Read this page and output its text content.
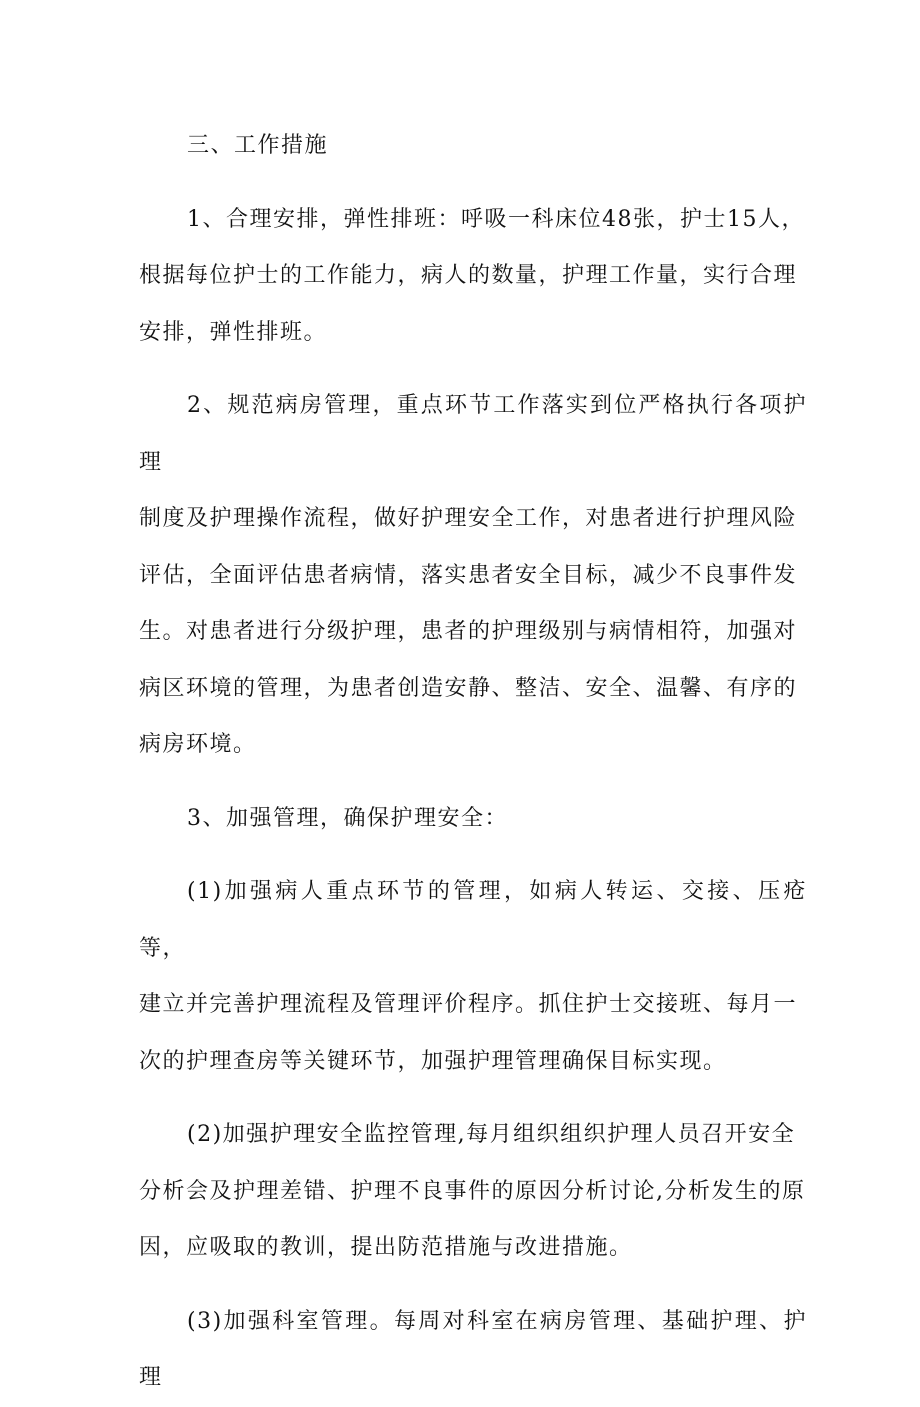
三、工作措施

1、合理安排，弹性排班：呼吸一科床位48张，护士15人，
根据每位护士的工作能力，病人的数量，护理工作量，实行合理
安排，弹性排班。

2、规范病房管理，重点环节工作落实到位严格执行各项护理
制度及护理操作流程，做好护理安全工作，对患者进行护理风险
评估，全面评估患者病情，落实患者安全目标，减少不良事件发
生。对患者进行分级护理，患者的护理级别与病情相符，加强对
病区环境的管理，为患者创造安静、整洁、安全、温馨、有序的
病房环境。

3、加强管理，确保护理安全：

(1)加强病人重点环节的管理，如病人转运、交接、压疮等，
建立并完善护理流程及管理评价程序。抓住护士交接班、每月一
次的护理查房等关键环节，加强护理管理确保目标实现。

(2)加强护理安全监控管理,每月组织组织护理人员召开安全
分析会及护理差错、护理不良事件的原因分析讨论,分析发生的原
因，应吸取的教训，提出防范措施与改进措施。

(3)加强科室管理。每周对科室在病房管理、基础护理、护理
